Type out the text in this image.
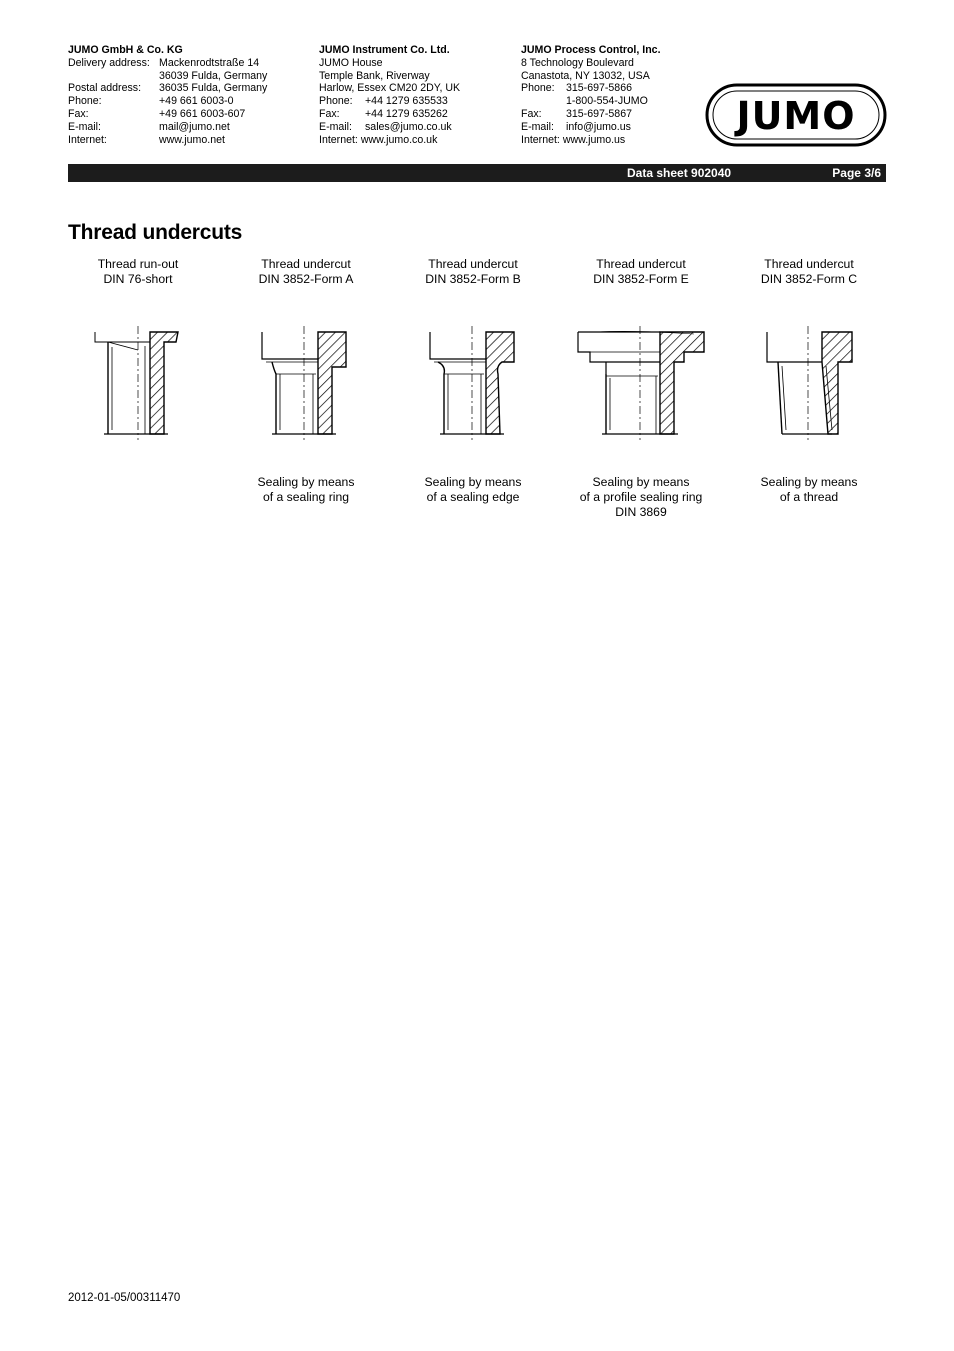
JUMO GmbH & Co. KG
Delivery address: Mackenrodtstraße 14
36039 Fulda, Germany
Postal address:	36035 Fulda, Germany
Phone:	+49 661 6003-0
Fax:	+49 661 6003-607
E-mail:	mail@jumo.net
Internet:	www.jumo.net
JUMO Instrument Co. Ltd.
JUMO House
Temple Bank, Riverway
Harlow, Essex CM20 2DY, UK
Phone:	+44 1279 635533
Fax:	+44 1279 635262
E-mail:	sales@jumo.co.uk
Internet:
www.jumo.co.uk
JUMO Process Control, Inc.
8 Technology Boulevard
Canastota, NY 13032, USA
Phone:	315-697-5866
1-800-554-JUMO
Fax:	315-697-5867
E-mail:	info@jumo.us
Internet:
www.jumo.us
JUMO
Data sheet 902040	Page 3/6
Thread undercuts
Thread run-out
DIN 76-short
Thread undercut
DIN 3852-Form A
Thread undercut
DIN 3852-Form B
Thread undercut
DIN 3852-Form E
Thread undercut
DIN 3852-Form C
Sealing by means
of a sealing ring
Sealing by means
of a sealing edge
Sealing by means
of a profile sealing ring
DIN 3869
Sealing by means
of a thread
2012-01-05/00311470
